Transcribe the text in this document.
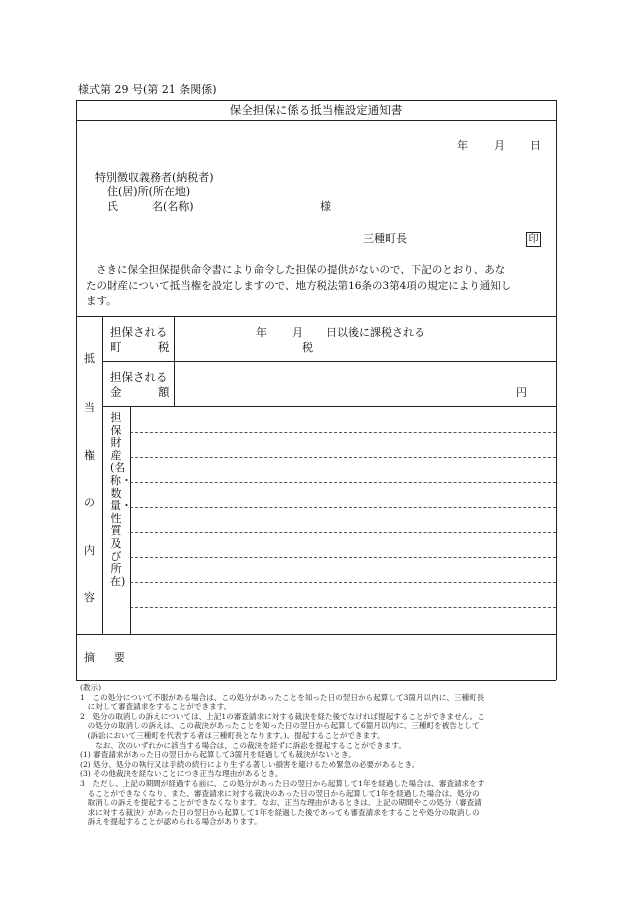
様式第 29 号(第 21 条関係)
保全担保に係る抵当権設定通知書
年 月 日
特別徴収義務者(納税者)
住(居)所(所在地)
氏	名(名称)	様
三種町長	印

さきに保全担保提供命令書により命令した担保の提供がないので、下記のとおり、あな

たの財産について抵当権を設定しますので、地方税法第16条の3第4項の規定により通知し

ます。

抵
当
権
の
内
容
担保される
町	税
年 月 日以後に課税される
税
担保される
金	額	円
担保財産(名称・数量・性質及び所在)
摘 要

(教示)

1　この処分について不服がある場合は、この処分があったことを知った日の翌日から起算して3箇月以内に、三種町長

　に対して審査請求をすることができます。

2　処分の取消しの訴えについては、上記1の審査請求に対する裁決を経た後でなければ提起することができません。こ

　の処分の取消しの訴えは、この裁決があったことを知った日の翌日から起算して6箇月以内に、三種町を被告として

　(訴訟において三種町を代表する者は三種町長となります。)、提起することができます。

　　なお、次のいずれかに該当する場合は、この裁決を経ずに訴訟を提起することができます。

(1) 審査請求があった日の翌日から起算して3箇月を経過しても裁決がないとき。

(2) 処分、処分の執行又は手続の続行により生ずる著しい損害を避けるため緊急の必要があるとき。

(3) その他裁決を経ないことにつき正当な理由があるとき。

3　ただし、上記の期間が経過する前に、この処分があった日の翌日から起算して1年を経過した場合は、審査請求をす

　ることができなくなり、また、審査請求に対する裁決のあった日の翌日から起算して1年を経過した場合は、処分の

　取消しの訴えを提起することができなくなります。なお、正当な理由があるときは、上記の期間やこの処分（審査請

　求に対する裁決）があった日の翌日から起算して1年を経過した後であっても審査請求をすることや処分の取消しの

　訴えを提起することが認められる場合があります。
